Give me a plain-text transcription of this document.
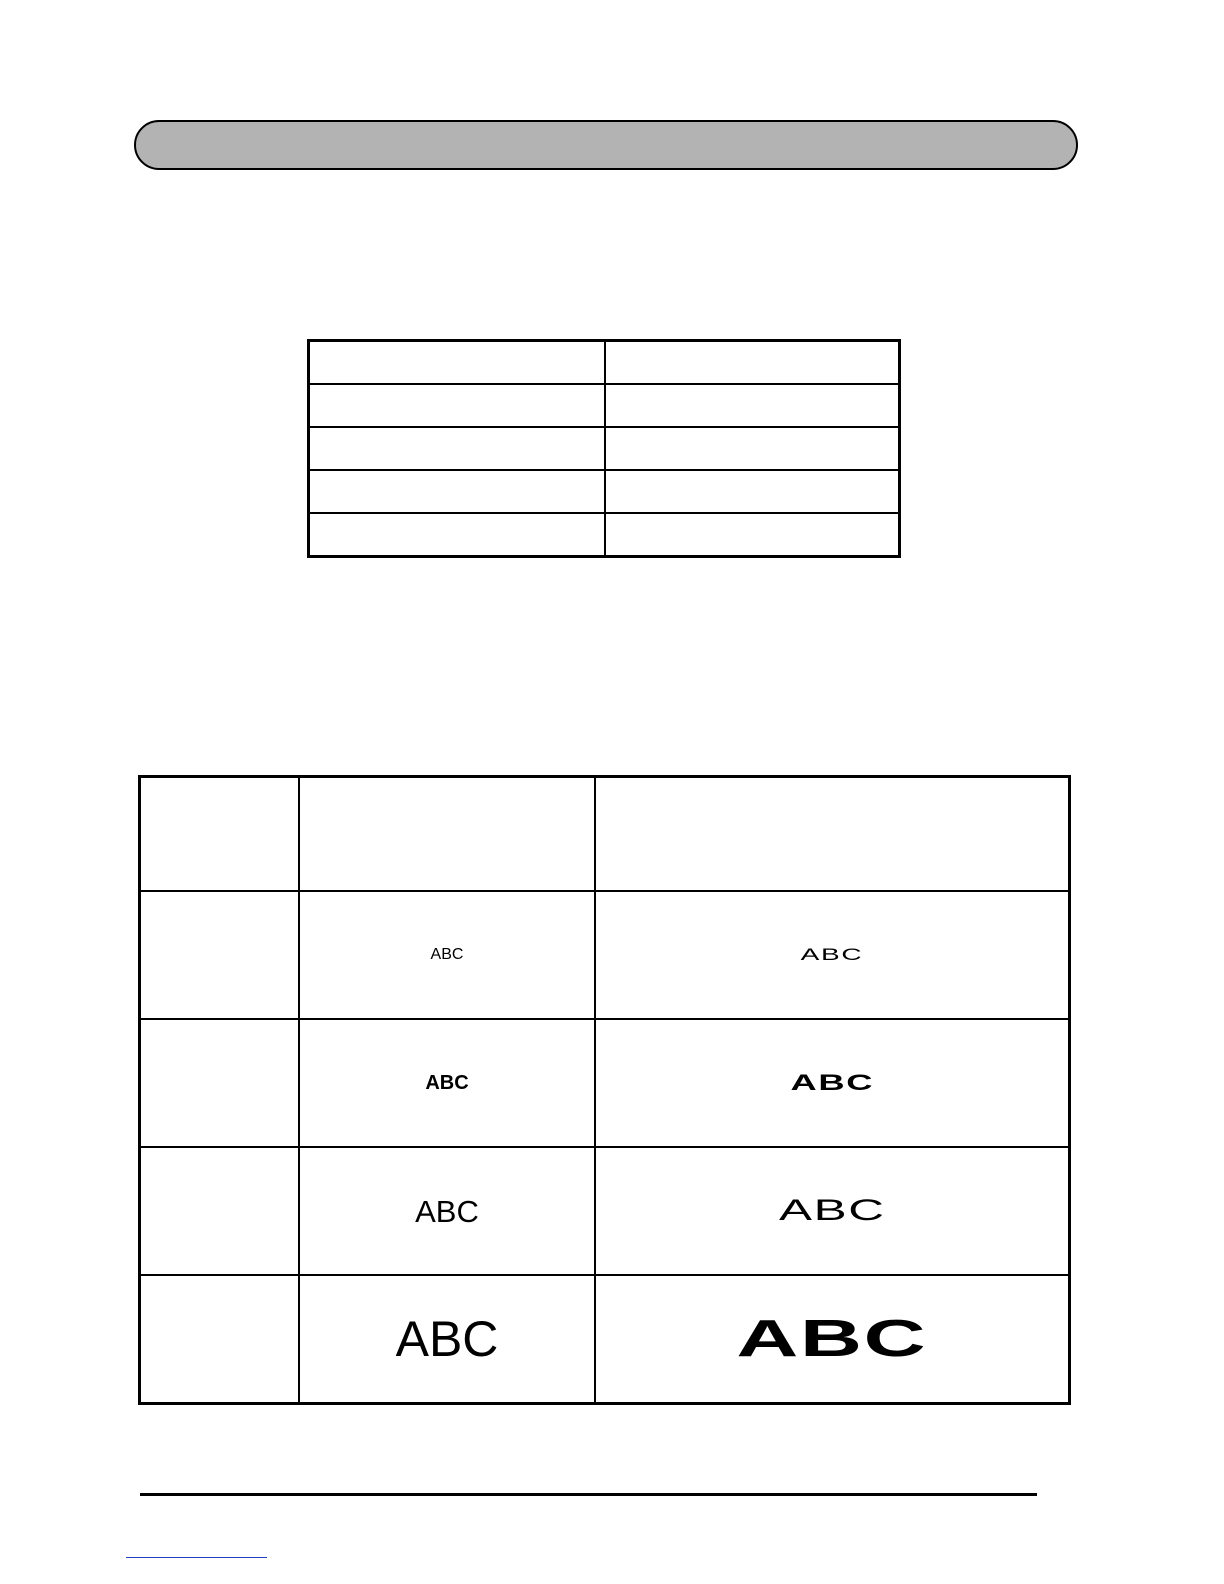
	ABC	ABC
	ABC	ABC
	ABC	ABC
	ABC	ABC
